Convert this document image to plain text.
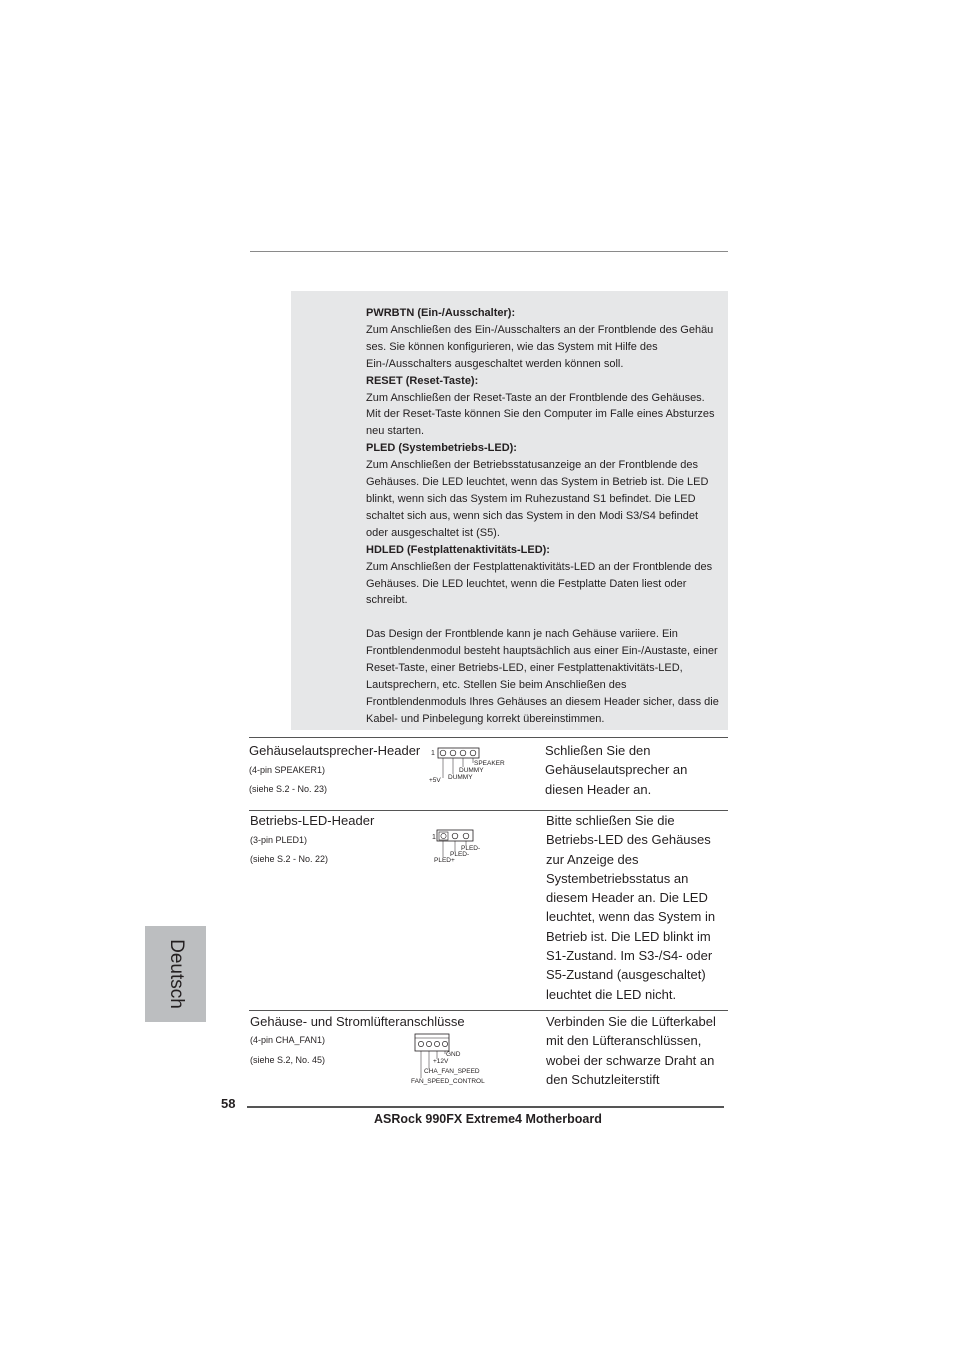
PWRBTN (Ein-/Ausschalter):

Zum Anschließen des Ein-/Ausschalters an der Frontblende des Gehäu

ses. Sie können konfigurieren, wie das System mit Hilfe des

Ein-/Ausschalters ausgeschaltet werden können soll.

RESET (Reset-Taste):

Zum Anschließen der Reset-Taste an der Frontblende des Gehäuses.

Mit der Reset-Taste können Sie den Computer im Falle eines Absturzes

neu starten.

PLED (Systembetriebs-LED):

Zum Anschließen der Betriebsstatusanzeige an der Frontblende des

Gehäuses. Die LED leuchtet, wenn das System in Betrieb ist. Die LED

blinkt, wenn sich das System im Ruhezustand S1 befindet. Die LED

schaltet sich aus, wenn sich das System in den Modi S3/S4 befindet

oder ausgeschaltet ist (S5).

HDLED (Festplattenaktivitäts-LED):

Zum Anschließen der Festplattenaktivitäts-LED an der Frontblende des

Gehäuses. Die LED leuchtet, wenn die Festplatte Daten liest oder

schreibt.

Das Design der Frontblende kann je nach Gehäuse variiere. Ein

Frontblendenmodul besteht hauptsächlich aus einer Ein-/Austaste, einer

Reset-Taste, einer Betriebs-LED, einer Festplattenaktivitäts-LED,

Lautsprechern, etc. Stellen Sie beim Anschließen des

Frontblendenmoduls Ihres Gehäuses an diesem Header sicher, dass die

Kabel- und Pinbelegung korrekt übereinstimmen.

Gehäuselautsprecher-Header
(4-pin SPEAKER1)
(siehe S.2 - No. 23)
1
SPEAKER
DUMMY
DUMMY
+5V

Schließen Sie den

Gehäuselautsprecher an

diesen Header an.

Betriebs-LED-Header
(3-pin PLED1)
(siehe S.2 - No. 22)
1
PLED-
PLED-
PLED+

Bitte schließen Sie die

Betriebs-LED des Gehäuses

zur Anzeige des

Systembetriebsstatus an

diesem Header an. Die LED

leuchtet, wenn das System in

Betrieb ist. Die LED blinkt im

S1-Zustand. Im S3-/S4- oder

S5-Zustand (ausgeschaltet)

leuchtet die LED nicht.

Gehäuse- und Stromlüfteranschlüsse
(4-pin CHA_FAN1)
(siehe S.2, No. 45)
GND
+12V
CHA_FAN_SPEED
FAN_SPEED_CONTROL

Verbinden Sie die Lüfterkabel

mit den Lüfteranschlüssen,

wobei der schwarze Draht an

den Schutzleiterstift

Deutsch
58
ASRock 990FX Extreme4 Motherboard
